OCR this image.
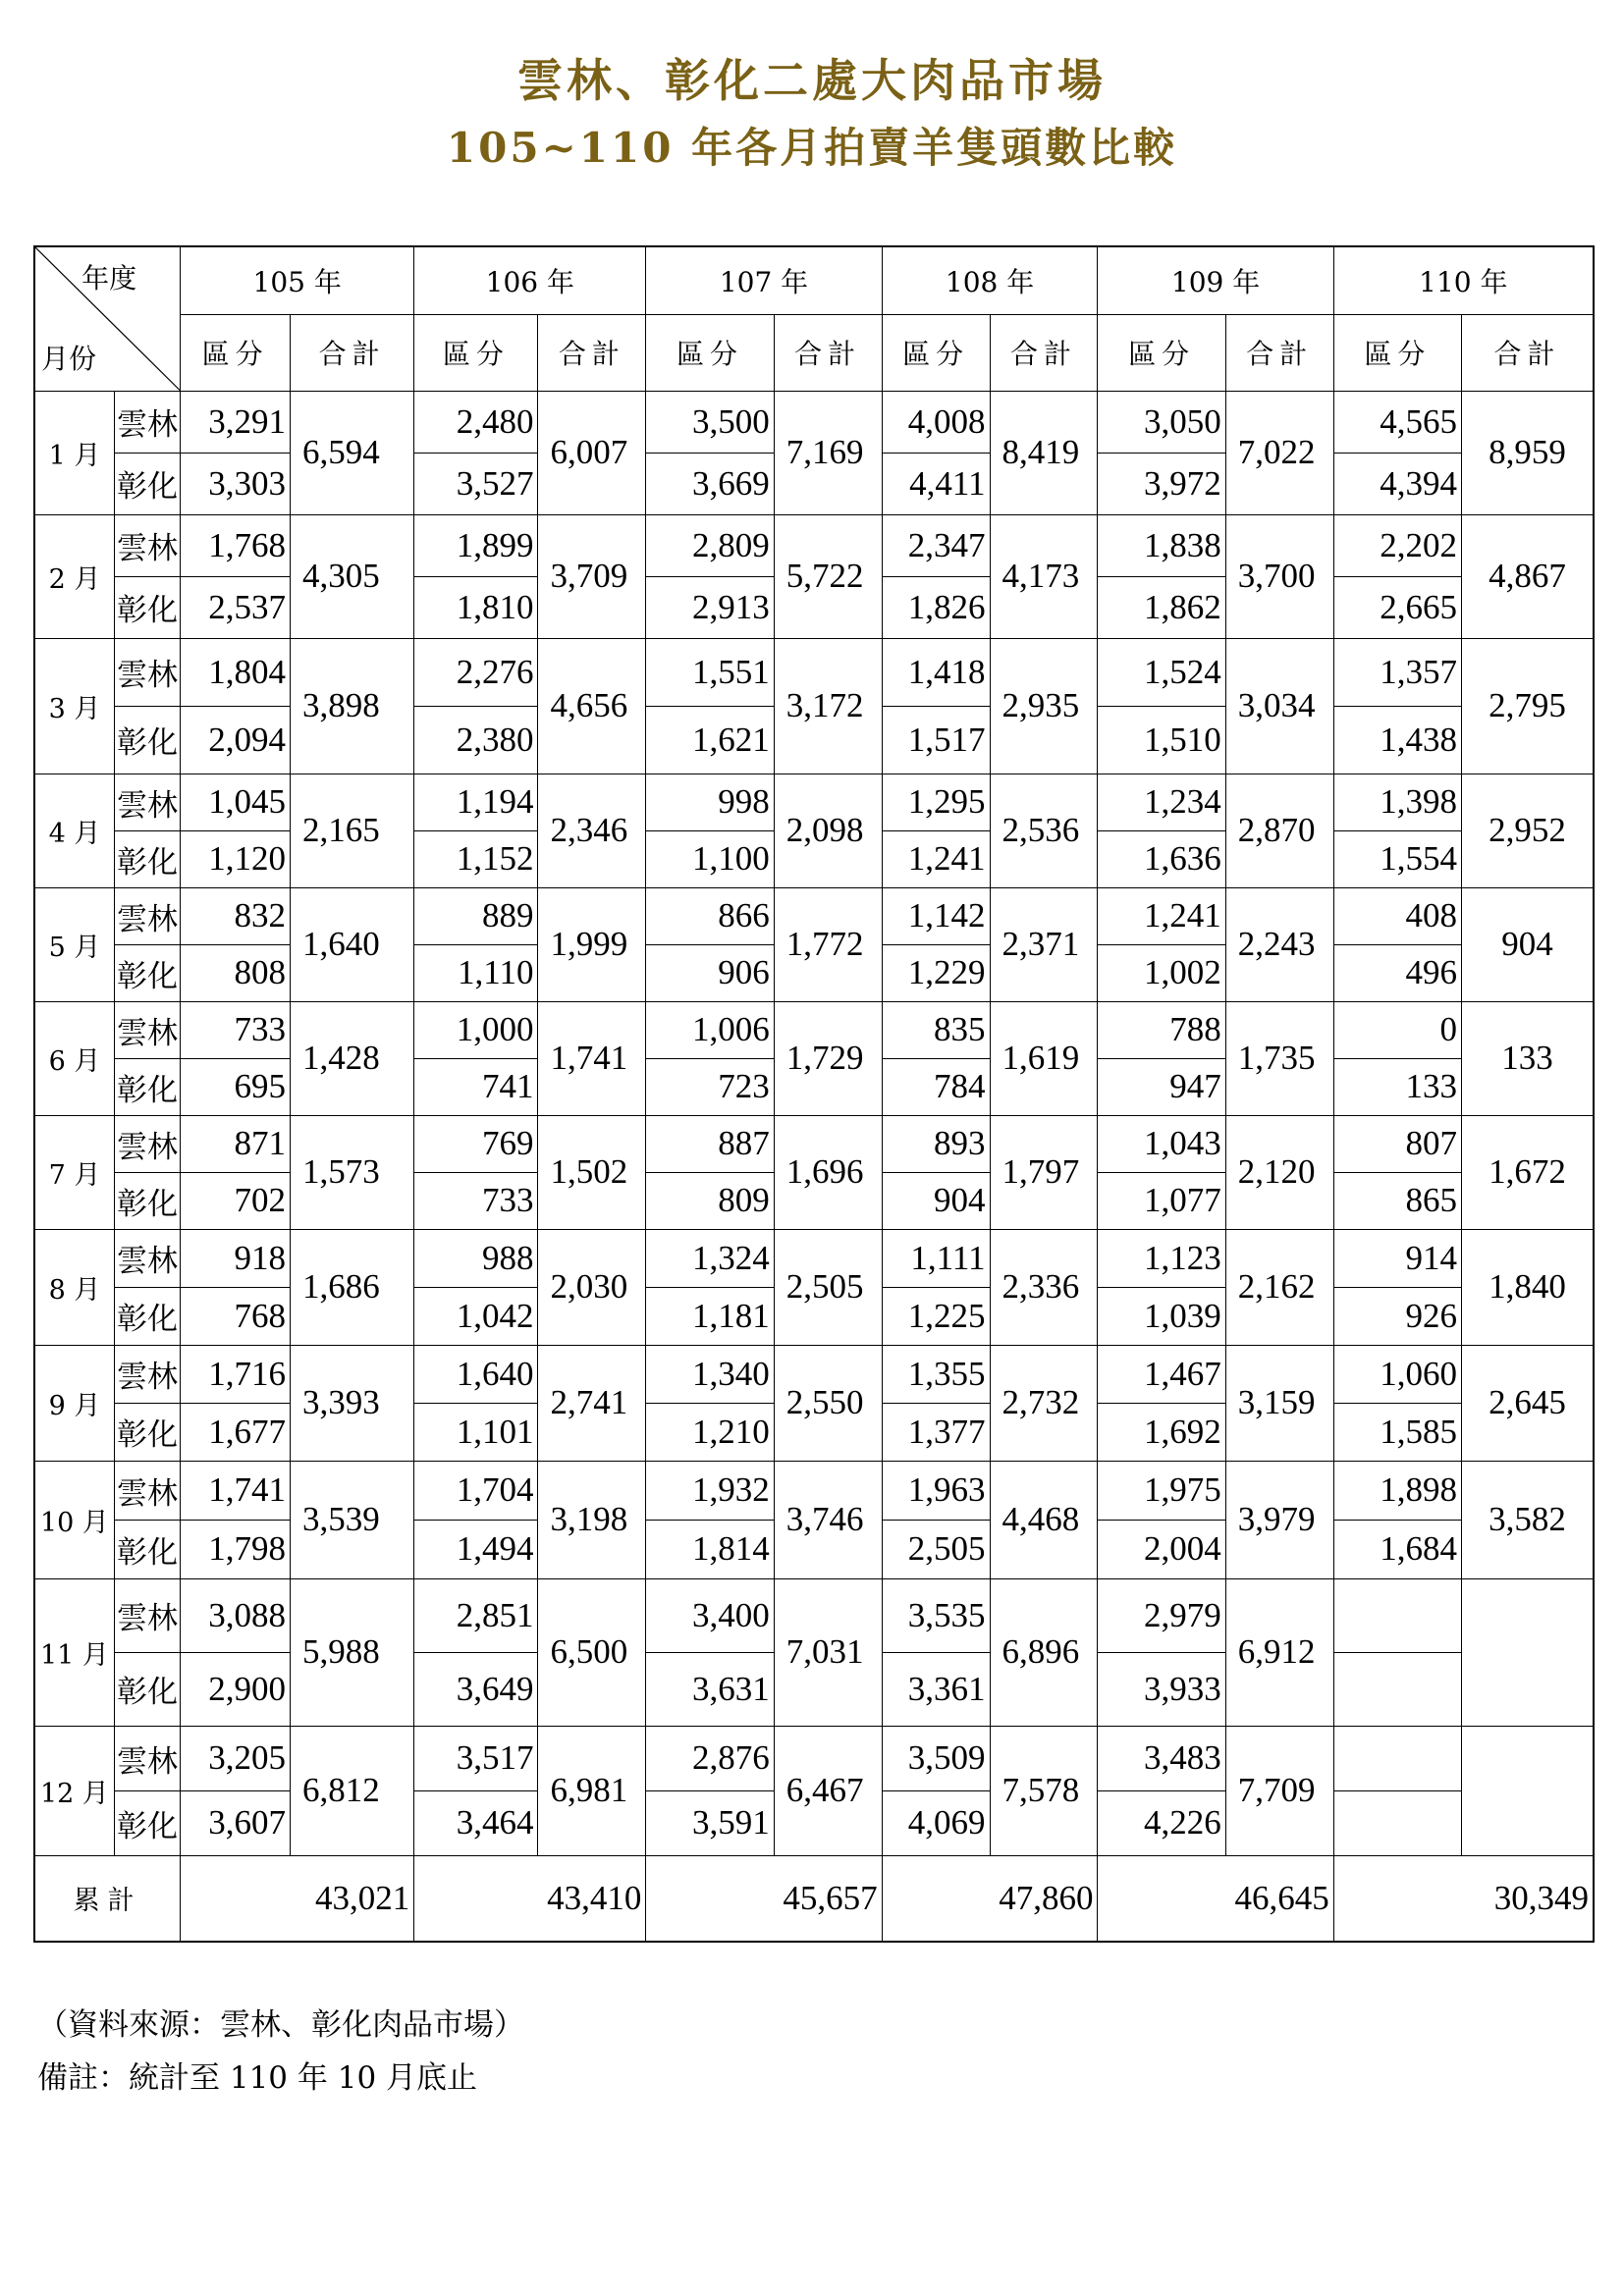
雲林、彰化二處大肉品市場
105~110 年各月拍賣羊隻頭數比較
年度
月份		105 年		106 年		107 年		108 年		109 年		110 年	
		區分	合計	區分	合計	區分	合計	區分	合計	區分	合計	區分	合計
1 月	雲林	3,291	6,594	2,480	6,007	3,500	7,169	4,008	8,419	3,050	7,022	4,565	8,959
	彰化	3,303		3,527		3,669		4,411		3,972		4,394	
2 月	雲林	1,768	4,305	1,899	3,709	2,809	5,722	2,347	4,173	1,838	3,700	2,202	4,867
	彰化	2,537		1,810		2,913		1,826		1,862		2,665	
3 月	雲林	1,804	3,898	2,276	4,656	1,551	3,172	1,418	2,935	1,524	3,034	1,357	2,795
	彰化	2,094		2,380		1,621		1,517		1,510		1,438	
4 月	雲林	1,045	2,165	1,194	2,346	998	2,098	1,295	2,536	1,234	2,870	1,398	2,952
	彰化	1,120		1,152		1,100		1,241		1,636		1,554	
5 月	雲林	832	1,640	889	1,999	866	1,772	1,142	2,371	1,241	2,243	408	904
	彰化	808		1,110		906		1,229		1,002		496	
6 月	雲林	733	1,428	1,000	1,741	1,006	1,729	835	1,619	788	1,735	0	133
	彰化	695		741		723		784		947		133	
7 月	雲林	871	1,573	769	1,502	887	1,696	893	1,797	1,043	2,120	807	1,672
	彰化	702		733		809		904		1,077		865	
8 月	雲林	918	1,686	988	2,030	1,324	2,505	1,111	2,336	1,123	2,162	914	1,840
	彰化	768		1,042		1,181		1,225		1,039		926	
9 月	雲林	1,716	3,393	1,640	2,741	1,340	2,550	1,355	2,732	1,467	3,159	1,060	2,645
	彰化	1,677		1,101		1,210		1,377		1,692		1,585	
10 月	雲林	1,741	3,539	1,704	3,198	1,932	3,746	1,963	4,468	1,975	3,979	1,898	3,582
	彰化	1,798		1,494		1,814		2,505		2,004		1,684	
11 月	雲林	3,088	5,988	2,851	6,500	3,400	7,031	3,535	6,896	2,979	6,912		
	彰化	2,900		3,649		3,631		3,361		3,933			
12 月	雲林	3,205	6,812	3,517	6,981	2,876	6,467	3,509	7,578	3,483	7,709		
	彰化	3,607		3,464		3,591		4,069		4,226			
累計		43,021		43,410		45,657		47,860		46,645		30,349	
（資料來源：雲林、彰化肉品市場）
備註：統計至 110 年 10 月底止
